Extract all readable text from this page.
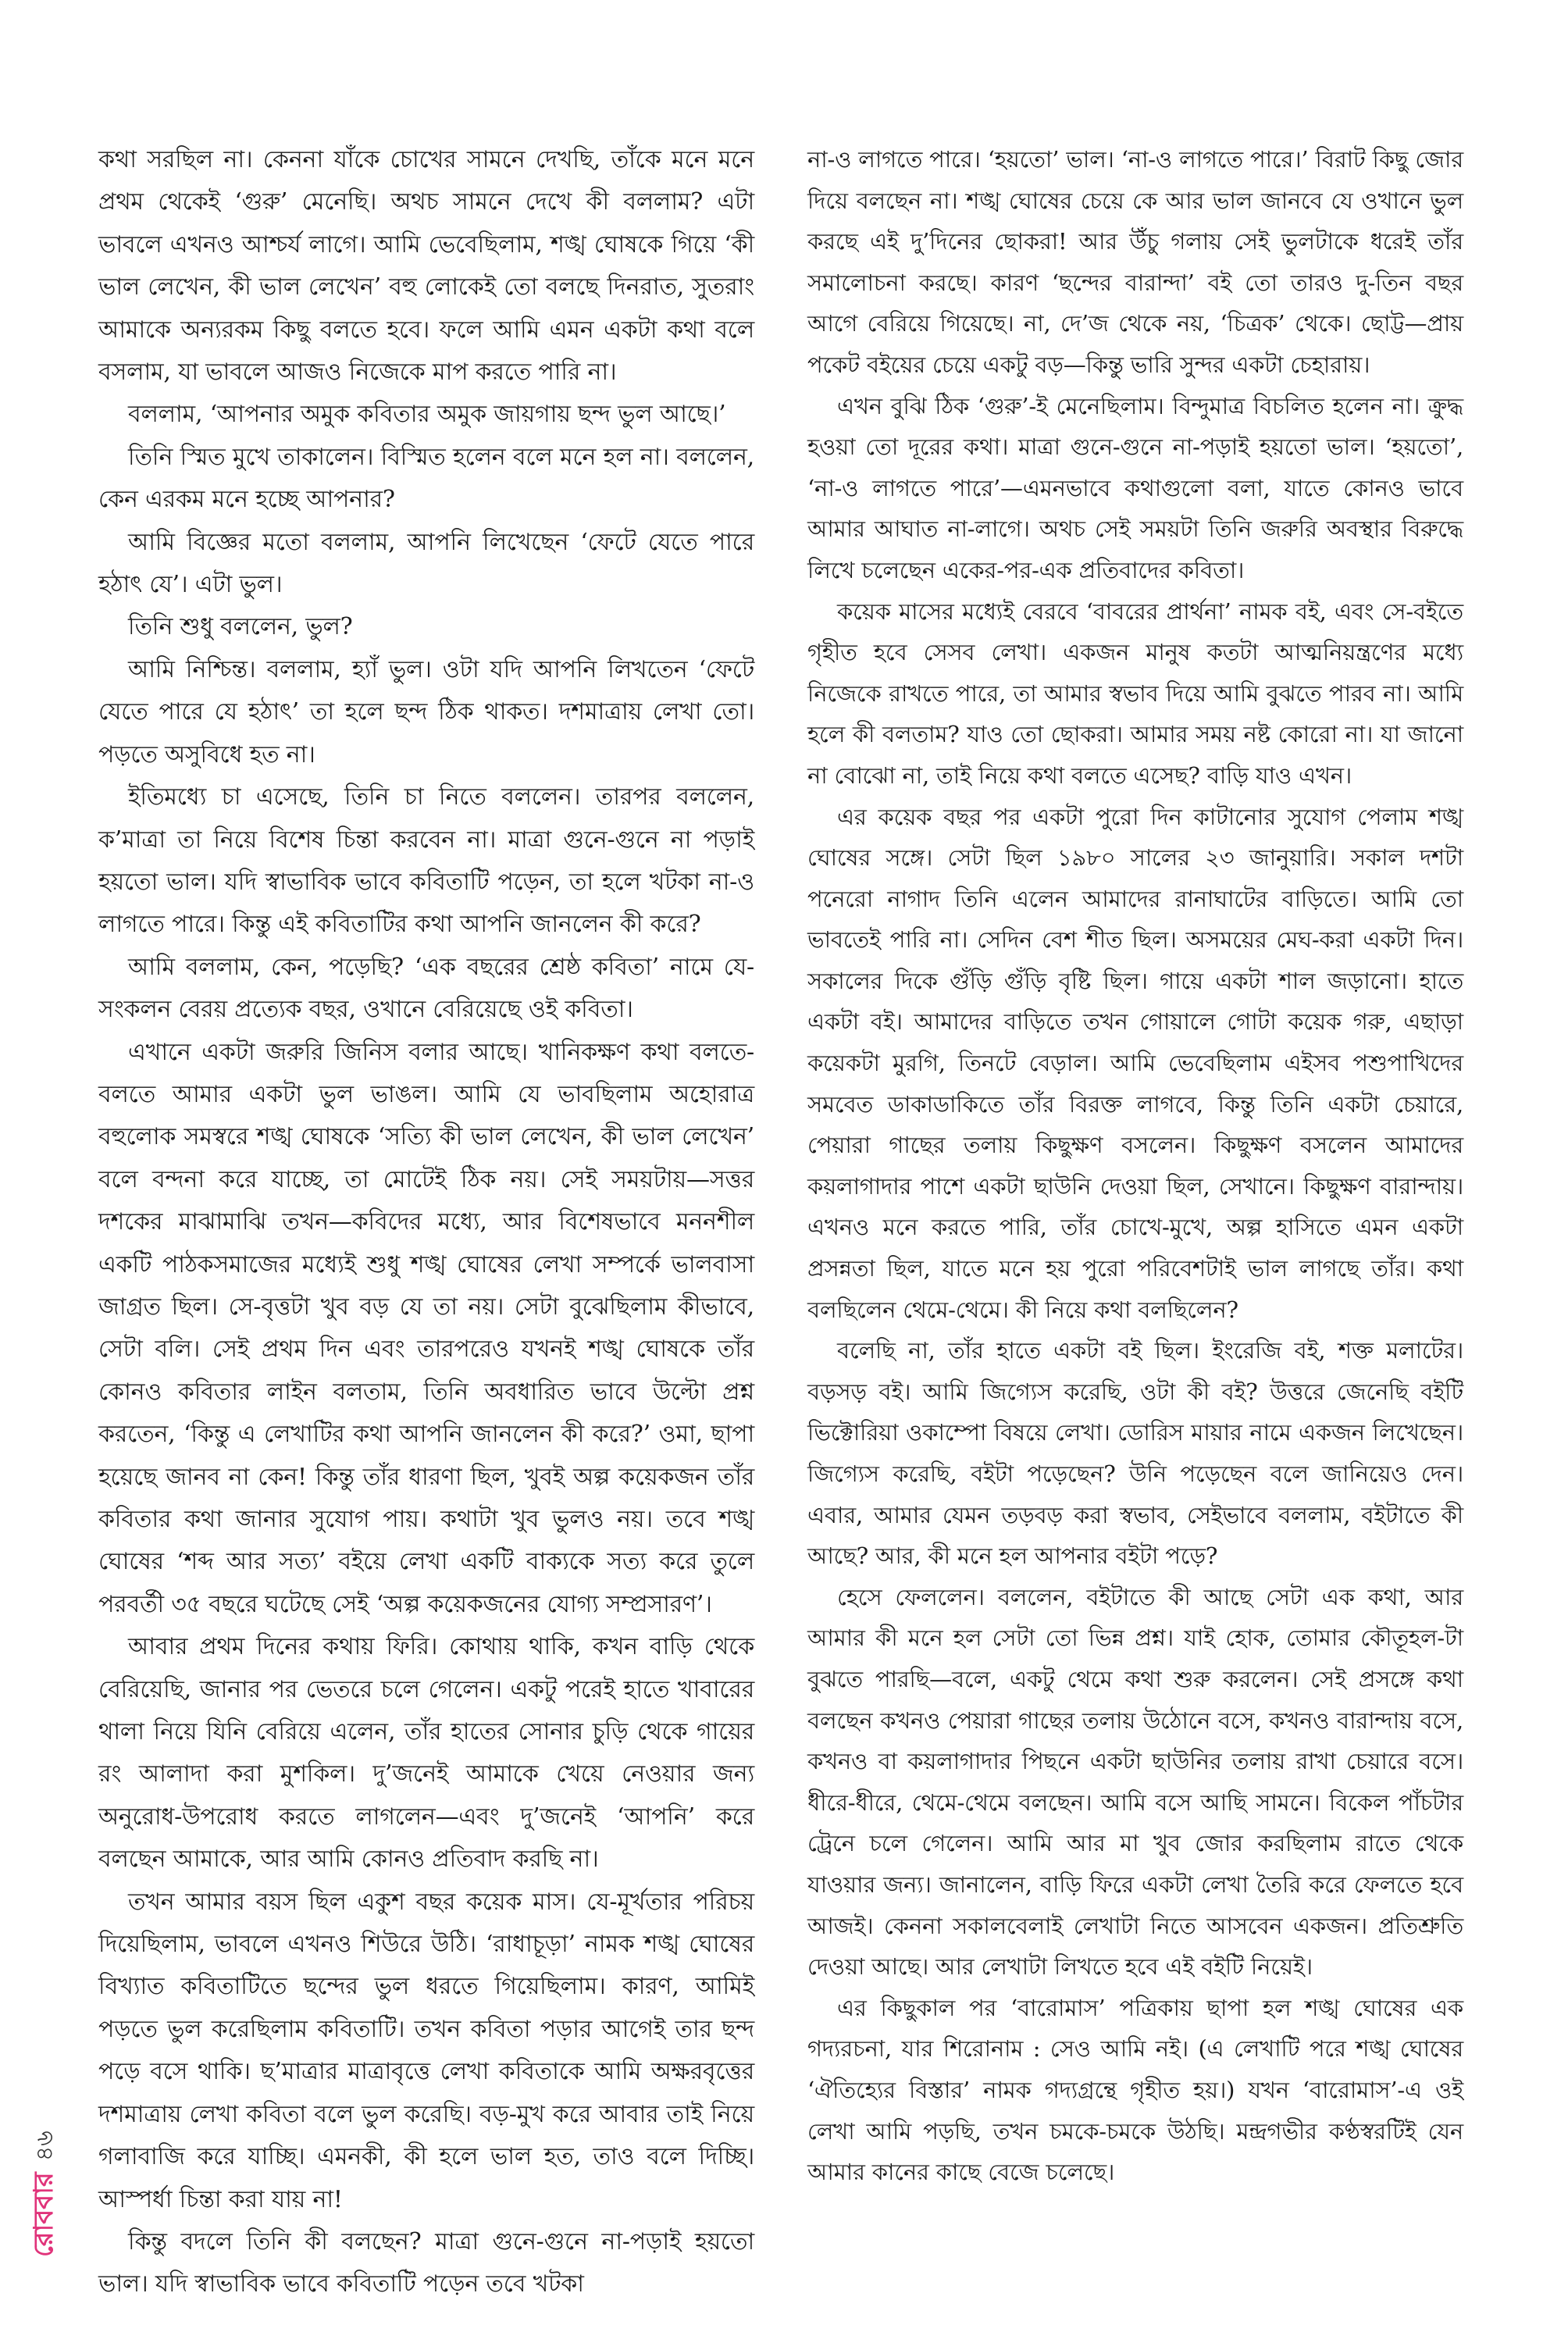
কথা সরছিল না। কেননা যাঁকে চোখের সামনে দেখছি, তাঁকে মনে মনে প্রথম থেকেই ‘গুরু’ মেনেছি। অথচ সামনে দেখে কী বললাম? এটা ভাবলে এখনও আশ্চর্য লাগে। আমি ভেবেছিলাম, শঙ্খ ঘোষকে গিয়ে ‘কী ভাল লেখেন, কী ভাল লেখেন’ বহু লোকেই তো বলছে দিনরাত, সুতরাং আমাকে অন্যরকম কিছু বলতে হবে। ফলে আমি এমন একটা কথা বলে বসলাম, যা ভাবলে আজও নিজেকে মাপ করতে পারি না।

বললাম, ‘আপনার অমুক কবিতার অমুক জায়গায় ছন্দ ভুল আছে।’

তিনি স্মিত মুখে তাকালেন। বিস্মিত হলেন বলে মনে হল না। বললেন, কেন এরকম মনে হচ্ছে আপনার?

আমি বিজ্ঞের মতো বললাম, আপনি লিখেছেন ‘ফেটে যেতে পারে হঠাৎ যে’। এটা ভুল।

তিনি শুধু বললেন, ভুল?

আমি নিশ্চিন্ত। বললাম, হ্যাঁ ভুল। ওটা যদি আপনি লিখতেন ‘ফেটে যেতে পারে যে হঠাৎ’ তা হলে ছন্দ ঠিক থাকত। দশমাত্রায় লেখা তো। পড়তে অসুবিধে হত না।

ইতিমধ্যে চা এসেছে, তিনি চা নিতে বললেন। তারপর বললেন, ক’মাত্রা তা নিয়ে বিশেষ চিন্তা করবেন না। মাত্রা গুনে-গুনে না পড়াই হয়তো ভাল। যদি স্বাভাবিক ভাবে কবিতাটি পড়েন, তা হলে খটকা না-ও লাগতে পারে। কিন্তু এই কবিতাটির কথা আপনি জানলেন কী করে?

আমি বললাম, কেন, পড়েছি? ‘এক বছরের শ্রেষ্ঠ কবিতা’ নামে যে-সংকলন বেরয় প্রত্যেক বছর, ওখানে বেরিয়েছে ওই কবিতা।

এখানে একটা জরুরি জিনিস বলার আছে। খানিকক্ষণ কথা বলতে-বলতে আমার একটা ভুল ভাঙল। আমি যে ভাবছিলাম অহোরাত্র বহুলোক সমস্বরে শঙ্খ ঘোষকে ‘সত্যি কী ভাল লেখেন, কী ভাল লেখেন’ বলে বন্দনা করে যাচ্ছে, তা মোটেই ঠিক নয়। সেই সময়টায়—সত্তর দশকের মাঝামাঝি তখন—কবিদের মধ্যে, আর বিশেষভাবে মননশীল একটি পাঠকসমাজের মধ্যেই শুধু শঙ্খ ঘোষের লেখা সম্পর্কে ভালবাসা জাগ্রত ছিল। সে-বৃত্তটা খুব বড় যে তা নয়। সেটা বুঝেছিলাম কীভাবে, সেটা বলি। সেই প্রথম দিন এবং তারপরেও যখনই শঙ্খ ঘোষকে তাঁর কোনও কবিতার লাইন বলতাম, তিনি অবধারিত ভাবে উল্টো প্রশ্ন করতেন, ‘কিন্তু এ লেখাটির কথা আপনি জানলেন কী করে?’ ওমা, ছাপা হয়েছে জানব না কেন! কিন্তু তাঁর ধারণা ছিল, খুবই অল্প কয়েকজন তাঁর কবিতার কথা জানার সুযোগ পায়। কথাটা খুব ভুলও নয়। তবে শঙ্খ ঘোষের ‘শব্দ আর সত্য’ বইয়ে লেখা একটি বাক্যকে সত্য করে তুলে পরবর্তী ৩৫ বছরে ঘটেছে সেই ‘অল্প কয়েকজনের যোগ্য সম্প্রসারণ’।

আবার প্রথম দিনের কথায় ফিরি। কোথায় থাকি, কখন বাড়ি থেকে বেরিয়েছি, জানার পর ভেতরে চলে গেলেন। একটু পরেই হাতে খাবারের থালা নিয়ে যিনি বেরিয়ে এলেন, তাঁর হাতের সোনার চুড়ি থেকে গায়ের রং আলাদা করা মুশকিল। দু’জনেই আমাকে খেয়ে নেওয়ার জন্য অনুরোধ-উপরোধ করতে লাগলেন—এবং দু’জনেই ‘আপনি’ করে বলছেন আমাকে, আর আমি কোনও প্রতিবাদ করছি না।

তখন আমার বয়স ছিল একুশ বছর কয়েক মাস। যে-মূর্খতার পরিচয় দিয়েছিলাম, ভাবলে এখনও শিউরে উঠি। ‘রাধাচূড়া’ নামক শঙ্খ ঘোষের বিখ্যাত কবিতাটিতে ছন্দের ভুল ধরতে গিয়েছিলাম। কারণ, আমিই পড়তে ভুল করেছিলাম কবিতাটি। তখন কবিতা পড়ার আগেই তার ছন্দ পড়ে বসে থাকি। ছ’মাত্রার মাত্রাবৃত্তে লেখা কবিতাকে আমি অক্ষরবৃত্তের দশমাত্রায় লেখা কবিতা বলে ভুল করেছি। বড়-মুখ করে আবার তাই নিয়ে গলাবাজি করে যাচ্ছি। এমনকী, কী হলে ভাল হত, তাও বলে দিচ্ছি। আস্পর্ধা চিন্তা করা যায় না!

কিন্তু বদলে তিনি কী বলছেন? মাত্রা গুনে-গুনে না-পড়াই হয়তো ভাল। যদি স্বাভাবিক ভাবে কবিতাটি পড়েন তবে খটকা

না-ও লাগতে পারে। ‘হয়তো’ ভাল। ‘না-ও লাগতে পারে।’ বিরাট কিছু জোর দিয়ে বলছেন না। শঙ্খ ঘোষের চেয়ে কে আর ভাল জানবে যে ওখানে ভুল করছে এই দু’দিনের ছোকরা! আর উঁচু গলায় সেই ভুলটাকে ধরেই তাঁর সমালোচনা করছে। কারণ ‘ছন্দের বারান্দা’ বই তো তারও দু-তিন বছর আগে বেরিয়ে গিয়েছে। না, দে’জ থেকে নয়, ‘চিত্রক’ থেকে। ছোট্ট—প্রায় পকেট বইয়ের চেয়ে একটু বড়—কিন্তু ভারি সুন্দর একটা চেহারায়।

এখন বুঝি ঠিক ‘গুরু’-ই মেনেছিলাম। বিন্দুমাত্র বিচলিত হলেন না। ক্রুদ্ধ হওয়া তো দূরের কথা। মাত্রা গুনে-গুনে না-পড়াই হয়তো ভাল। ‘হয়তো’, ‘না-ও লাগতে পারে’—এমনভাবে কথাগুলো বলা, যাতে কোনও ভাবে আমার আঘাত না-লাগে। অথচ সেই সময়টা তিনি জরুরি অবস্থার বিরুদ্ধে লিখে চলেছেন একের-পর-এক প্রতিবাদের কবিতা।

কয়েক মাসের মধ্যেই বেরবে ‘বাবরের প্রার্থনা’ নামক বই, এবং সে-বইতে গৃহীত হবে সেসব লেখা। একজন মানুষ কতটা আত্মনিয়ন্ত্রণের মধ্যে নিজেকে রাখতে পারে, তা আমার স্বভাব দিয়ে আমি বুঝতে পারব না। আমি হলে কী বলতাম? যাও তো ছোকরা। আমার সময় নষ্ট কোরো না। যা জানো না বোঝো না, তাই নিয়ে কথা বলতে এসেছ? বাড়ি যাও এখন।

এর কয়েক বছর পর একটা পুরো দিন কাটানোর সুযোগ পেলাম শঙ্খ ঘোষের সঙ্গে। সেটা ছিল ১৯৮০ সালের ২৩ জানুয়ারি। সকাল দশটা পনেরো নাগাদ তিনি এলেন আমাদের রানাঘাটের বাড়িতে। আমি তো ভাবতেই পারি না। সেদিন বেশ শীত ছিল। অসময়ের মেঘ-করা একটা দিন। সকালের দিকে গুঁড়ি গুঁড়ি বৃষ্টি ছিল। গায়ে একটা শাল জড়ানো। হাতে একটা বই। আমাদের বাড়িতে তখন গোয়ালে গোটা কয়েক গরু, এছাড়া কয়েকটা মুরগি, তিনটে বেড়াল। আমি ভেবেছিলাম এইসব পশুপাখিদের সমবেত ডাকাডাকিতে তাঁর বিরক্ত লাগবে, কিন্তু তিনি একটা চেয়ারে, পেয়ারা গাছের তলায় কিছুক্ষণ বসলেন। কিছুক্ষণ বসলেন আমাদের কয়লাগাদার পাশে একটা ছাউনি দেওয়া ছিল, সেখানে। কিছুক্ষণ বারান্দায়। এখনও মনে করতে পারি, তাঁর চোখে-মুখে, অল্প হাসিতে এমন একটা প্রসন্নতা ছিল, যাতে মনে হয় পুরো পরিবেশটাই ভাল লাগছে তাঁর। কথা বলছিলেন থেমে-থেমে। কী নিয়ে কথা বলছিলেন?

বলেছি না, তাঁর হাতে একটা বই ছিল। ইংরেজি বই, শক্ত মলাটের। বড়সড় বই। আমি জিগ্যেস করেছি, ওটা কী বই? উত্তরে জেনেছি বইটি ভিক্টোরিয়া ওকাম্পো বিষয়ে লেখা। ডোরিস মায়ার নামে একজন লিখেছেন। জিগ্যেস করেছি, বইটা পড়েছেন? উনি পড়েছেন বলে জানিয়েও দেন। এবার, আমার যেমন তড়বড় করা স্বভাব, সেইভাবে বললাম, বইটাতে কী আছে? আর, কী মনে হল আপনার বইটা পড়ে?

হেসে ফেললেন। বললেন, বইটাতে কী আছে সেটা এক কথা, আর আমার কী মনে হল সেটা তো ভিন্ন প্রশ্ন। যাই হোক, তোমার কৌতূহল-টা বুঝতে পারছি—বলে, একটু থেমে কথা শুরু করলেন। সেই প্রসঙ্গে কথা বলছেন কখনও পেয়ারা গাছের তলায় উঠোনে বসে, কখনও বারান্দায় বসে, কখনও বা কয়লাগাদার পিছনে একটা ছাউনির তলায় রাখা চেয়ারে বসে। ধীরে-ধীরে, থেমে-থেমে বলছেন। আমি বসে আছি সামনে। বিকেল পাঁচটার ট্রেনে চলে গেলেন। আমি আর মা খুব জোর করছিলাম রাতে থেকে যাওয়ার জন্য। জানালেন, বাড়ি ফিরে একটা লেখা তৈরি করে ফেলতে হবে আজই। কেননা সকালবেলাই লেখাটা নিতে আসবেন একজন। প্রতিশ্রুতি দেওয়া আছে। আর লেখাটা লিখতে হবে এই বইটি নিয়েই।

এর কিছুকাল পর ‘বারোমাস’ পত্রিকায় ছাপা হল শঙ্খ ঘোষের এক গদ্যরচনা, যার শিরোনাম : সেও আমি নই। (এ লেখাটি পরে শঙ্খ ঘোষের ‘ঐতিহ্যের বিস্তার’ নামক গদ্যগ্রন্থে গৃহীত হয়।) যখন ‘বারোমাস’-এ ওই লেখা আমি পড়ছি, তখন চমকে-চমকে উঠছি। মন্দ্রগভীর কণ্ঠস্বরটিই যেন আমার কানের কাছে বেজে চলেছে।

রোববার
৪৬
